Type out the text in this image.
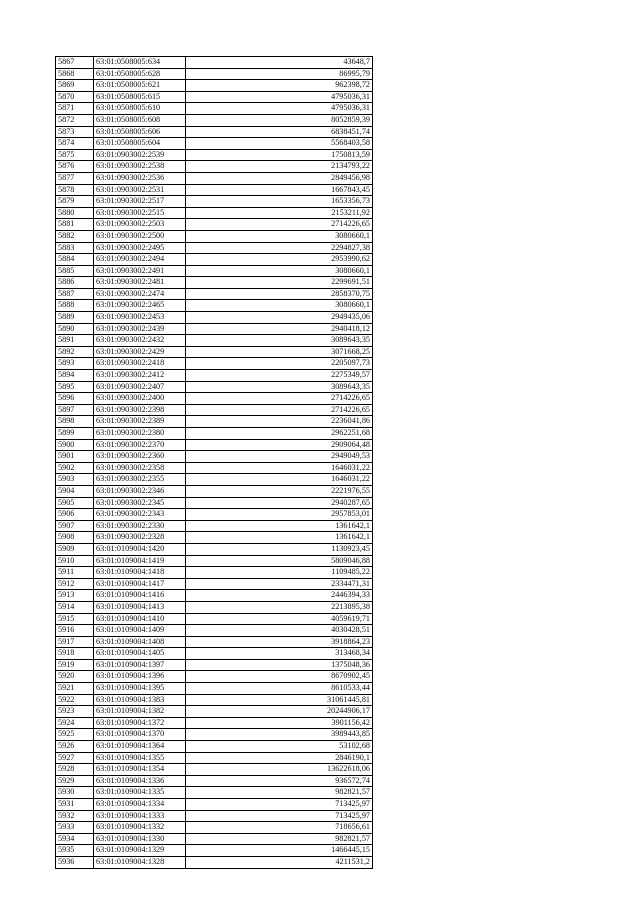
5867	63:01:0508005:634	43648,7
5868	63:01:0508005:628	86995,79
5869	63:01:0508005:621	962398,72
5870	63:01:0508005:615	4795036,31
5871	63:01:0508005:610	4795036,31
5872	63:01:0508005:608	8052859,39
5873	63:01:0508005:606	6838451,74
5874	63:01:0508005:604	5568403,58
5875	63:01:0903002:2539	1750813,59
5876	63:01:0903002:2538	2134793,22
5877	63:01:0903002:2536	2849456,98
5878	63:01:0903002:2531	1667843,45
5879	63:01:0903002:2517	1653356,73
5880	63:01:0903002:2515	2153211,92
5881	63:01:0903002:2503	2714226,65
5882	63:01:0903002:2500	3080660,1
5883	63:01:0903002:2495	2294827,38
5884	63:01:0903002:2494	2953990,62
5885	63:01:0903002:2491	3080660,1
5886	63:01:0903002:2481	2299691,51
5887	63:01:0903002:2474	2858370,75
5888	63:01:0903002:2465	3080660,1
5889	63:01:0903002:2453	2949435,06
5890	63:01:0903002:2439	2940418,12
5891	63:01:0903002:2432	3089643,35
5892	63:01:0903002:2429	3071668,25
5893	63:01:0903002:2418	2205097,73
5894	63:01:0903002:2412	2275349,57
5895	63:01:0903002:2407	3089643,35
5896	63:01:0903002:2400	2714226,65
5897	63:01:0903002:2398	2714226,65
5898	63:01:0903002:2389	2236041,86
5899	63:01:0903002:2380	2962251,68
5900	63:01:0903002:2370	2909064,48
5901	63:01:0903002:2360	2949049,53
5902	63:01:0903002:2358	1646031,22
5903	63:01:0903002:2355	1646031,22
5904	63:01:0903002:2346	2221976,55
5905	63:01:0903002:2345	2940287,65
5906	63:01:0903002:2343	2957853,01
5907	63:01:0903002:2330	1361642,1
5908	63:01:0903002:2328	1361642,1
5909	63:01:0109004:1420	1130923,45
5910	63:01:0109004:1419	5809046,88
5911	63:01:0109004:1418	1109485,22
5912	63:01:0109004:1417	2334471,31
5913	63:01:0109004:1416	2446394,33
5914	63:01:0109004:1413	2213895,38
5915	63:01:0109004:1410	4059619,71
5916	63:01:0109004:1409	4030428,51
5917	63:01:0109004:1408	3918864,23
5918	63:01:0109004:1405	313468,34
5919	63:01:0109004:1397	1375048,36
5920	63:01:0109004:1396	8670902,45
5921	63:01:0109004:1395	8610533,44
5922	63:01:0109004:1383	31061445,81
5923	63:01:0109004:1382	20244906,17
5924	63:01:0109004:1372	3901156,42
5925	63:01:0109004:1370	3989443,85
5926	63:01:0109004:1364	53102,68
5927	63:01:0109004:1355	2846190,1
5928	63:01:0109004:1354	13622618,06
5929	63:01:0109004:1336	936572,74
5930	63:01:0109004:1335	982821,57
5931	63:01:0109004:1334	713425,97
5932	63:01:0109004:1333	713425,97
5933	63:01:0109004:1332	718656,61
5934	63:01:0109004:1330	982821,57
5935	63:01:0109004:1329	1466445,15
5936	63:01:0109004:1328	4211531,2
